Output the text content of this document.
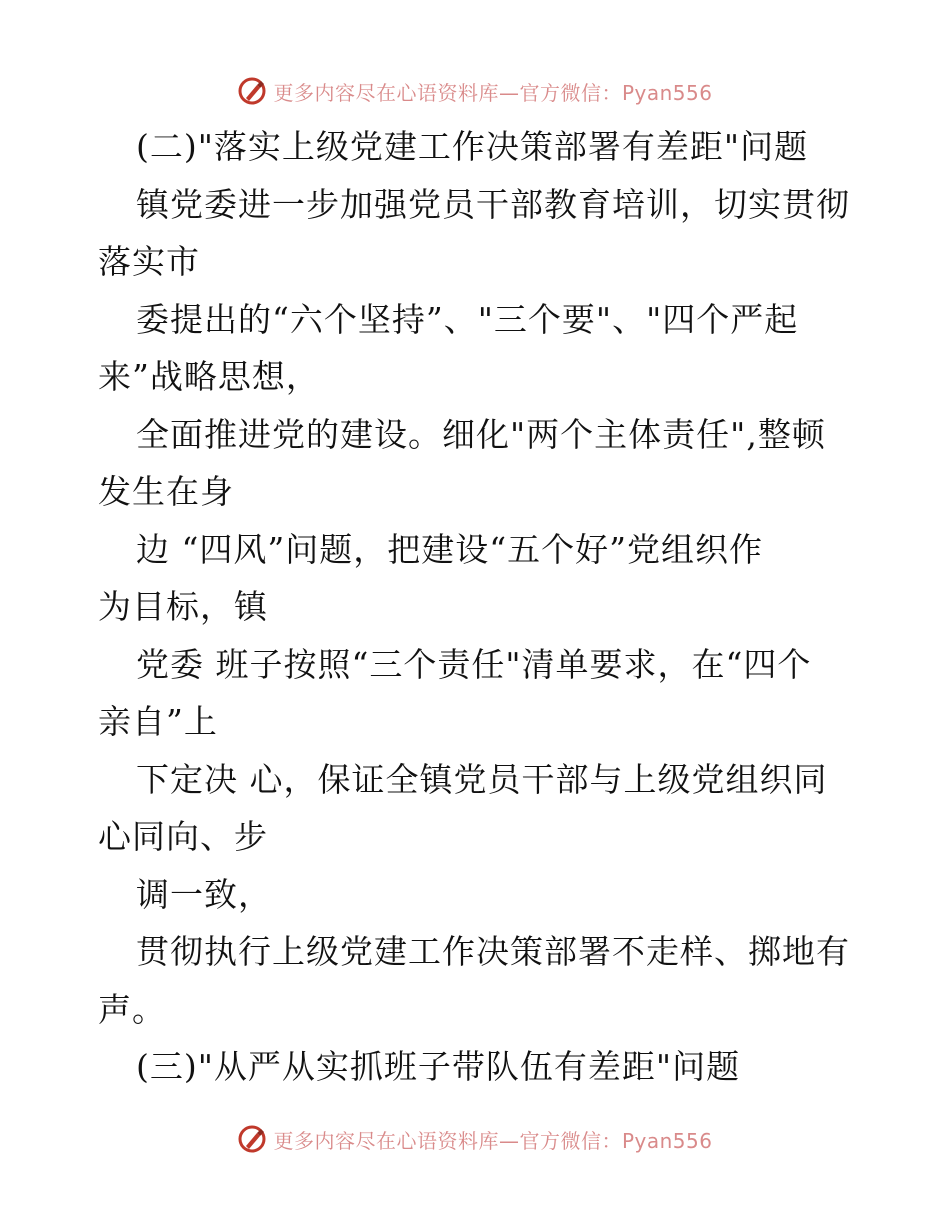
更多内容尽在心语资料库—官方微信：Pyan556
(二)"落实上级党建工作决策部署有差距"问题
镇党委进一步加强党员干部教育培训，切实贯彻
落实市
委提出的“六个坚持”、"三个要"、"四个严起
来”战略思想，
全面推进党的建设。细化"两个主体责任",整顿
发生在身
边 “四风”问题，把建设“五个好”党组织作
为目标，镇
党委 班子按照“三个责任"清单要求，在“四个
亲自”上
下定决 心，保证全镇党员干部与上级党组织同
心同向、步
调一致，
贯彻执行上级党建工作决策部署不走样、掷地有
声。
(三)"从严从实抓班子带队伍有差距"问题
更多内容尽在心语资料库—官方微信：Pyan556
